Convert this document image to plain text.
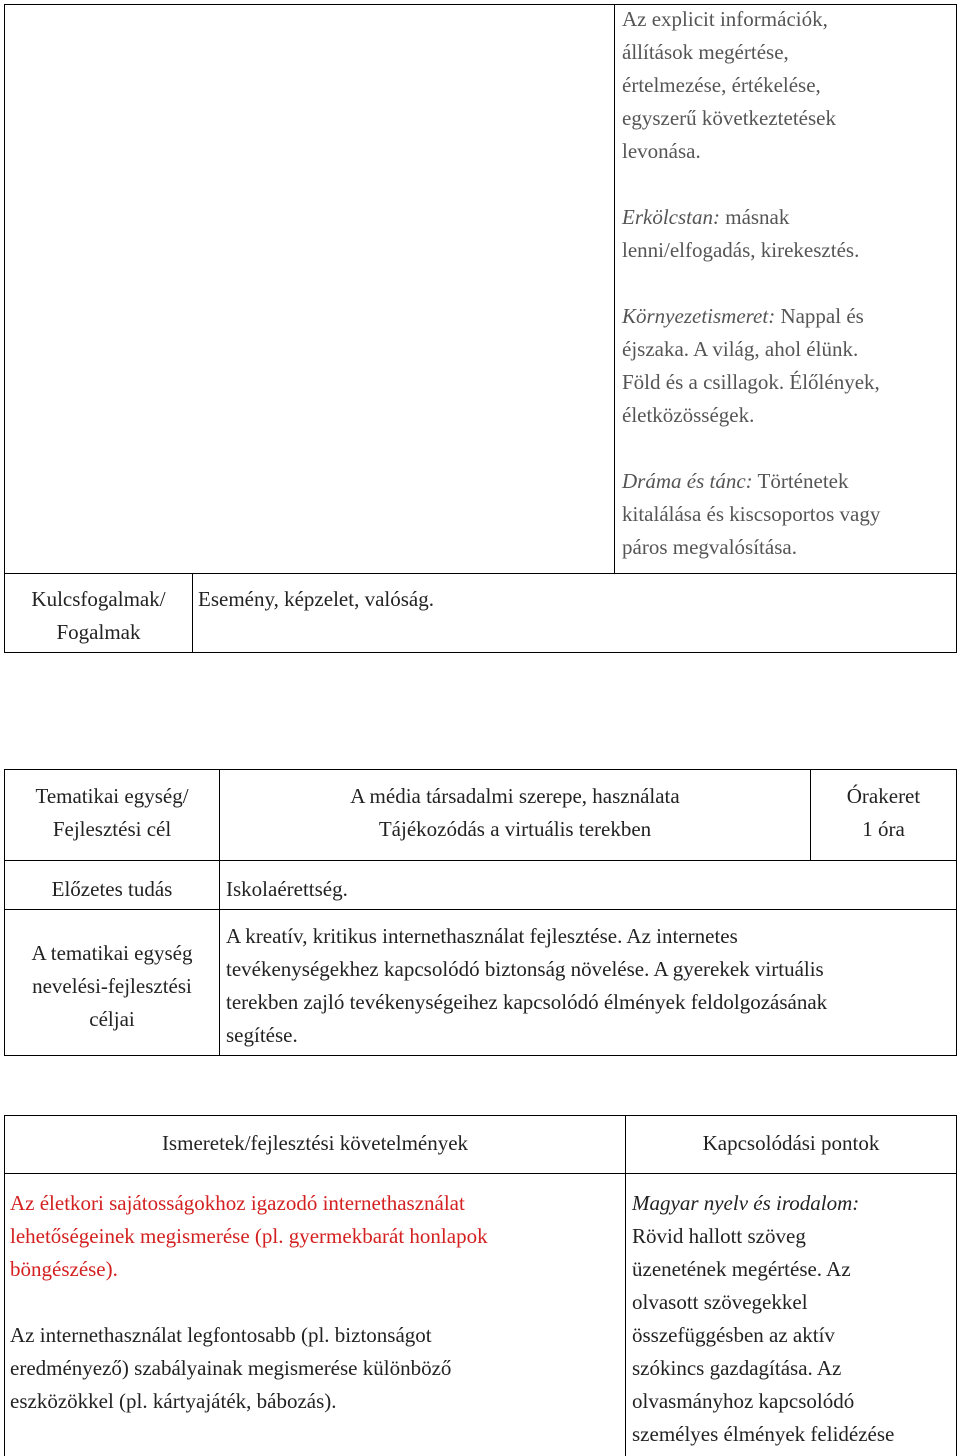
Az explicit információk,
állítások megértése,
értelmezése, értékelése,
egyszerű következtetések
levonása.
Erkölcstan: másnak
lenni/elfogadás, kirekesztés.
Környezetismeret: Nappal és
éjszaka. A világ, ahol élünk.
Föld és a csillagok. Élőlények,
életközösségek.
Dráma és tánc: Történetek
kitalálása és kiscsoportos vagy
páros megvalósítása.
Kulcsfogalmak/
Fogalmak
Esemény, képzelet, valóság.
Tematikai egység/
Fejlesztési cél
A média társadalmi szerepe, használata
Tájékozódás a virtuális terekben
Órakeret
1 óra
Előzetes tudás	Iskolaérettség.
A tematikai egység
nevelési-fejlesztési
céljai
A kreatív, kritikus internethasználat fejlesztése. Az internetes
tevékenységekhez kapcsolódó biztonság növelése. A gyerekek virtuális
terekben zajló tevékenységeihez kapcsolódó élmények feldolgozásának
segítése.
Ismeretek/fejlesztési követelmények	Kapcsolódási pontok
Az életkori sajátosságokhoz igazodó internethasználat
lehetőségeinek megismerése (pl. gyermekbarát honlapok
böngészése).
Az internethasználat legfontosabb (pl. biztonságot
eredményező) szabályainak megismerése különböző
eszközökkel (pl. kártyajáték, bábozás).
Magyar nyelv és irodalom:
Rövid hallott szöveg
üzenetének megértése. Az
olvasott szövegekkel
összefüggésben az aktív
szókincs gazdagítása. Az
olvasmányhoz kapcsolódó
személyes élmények felidézése
